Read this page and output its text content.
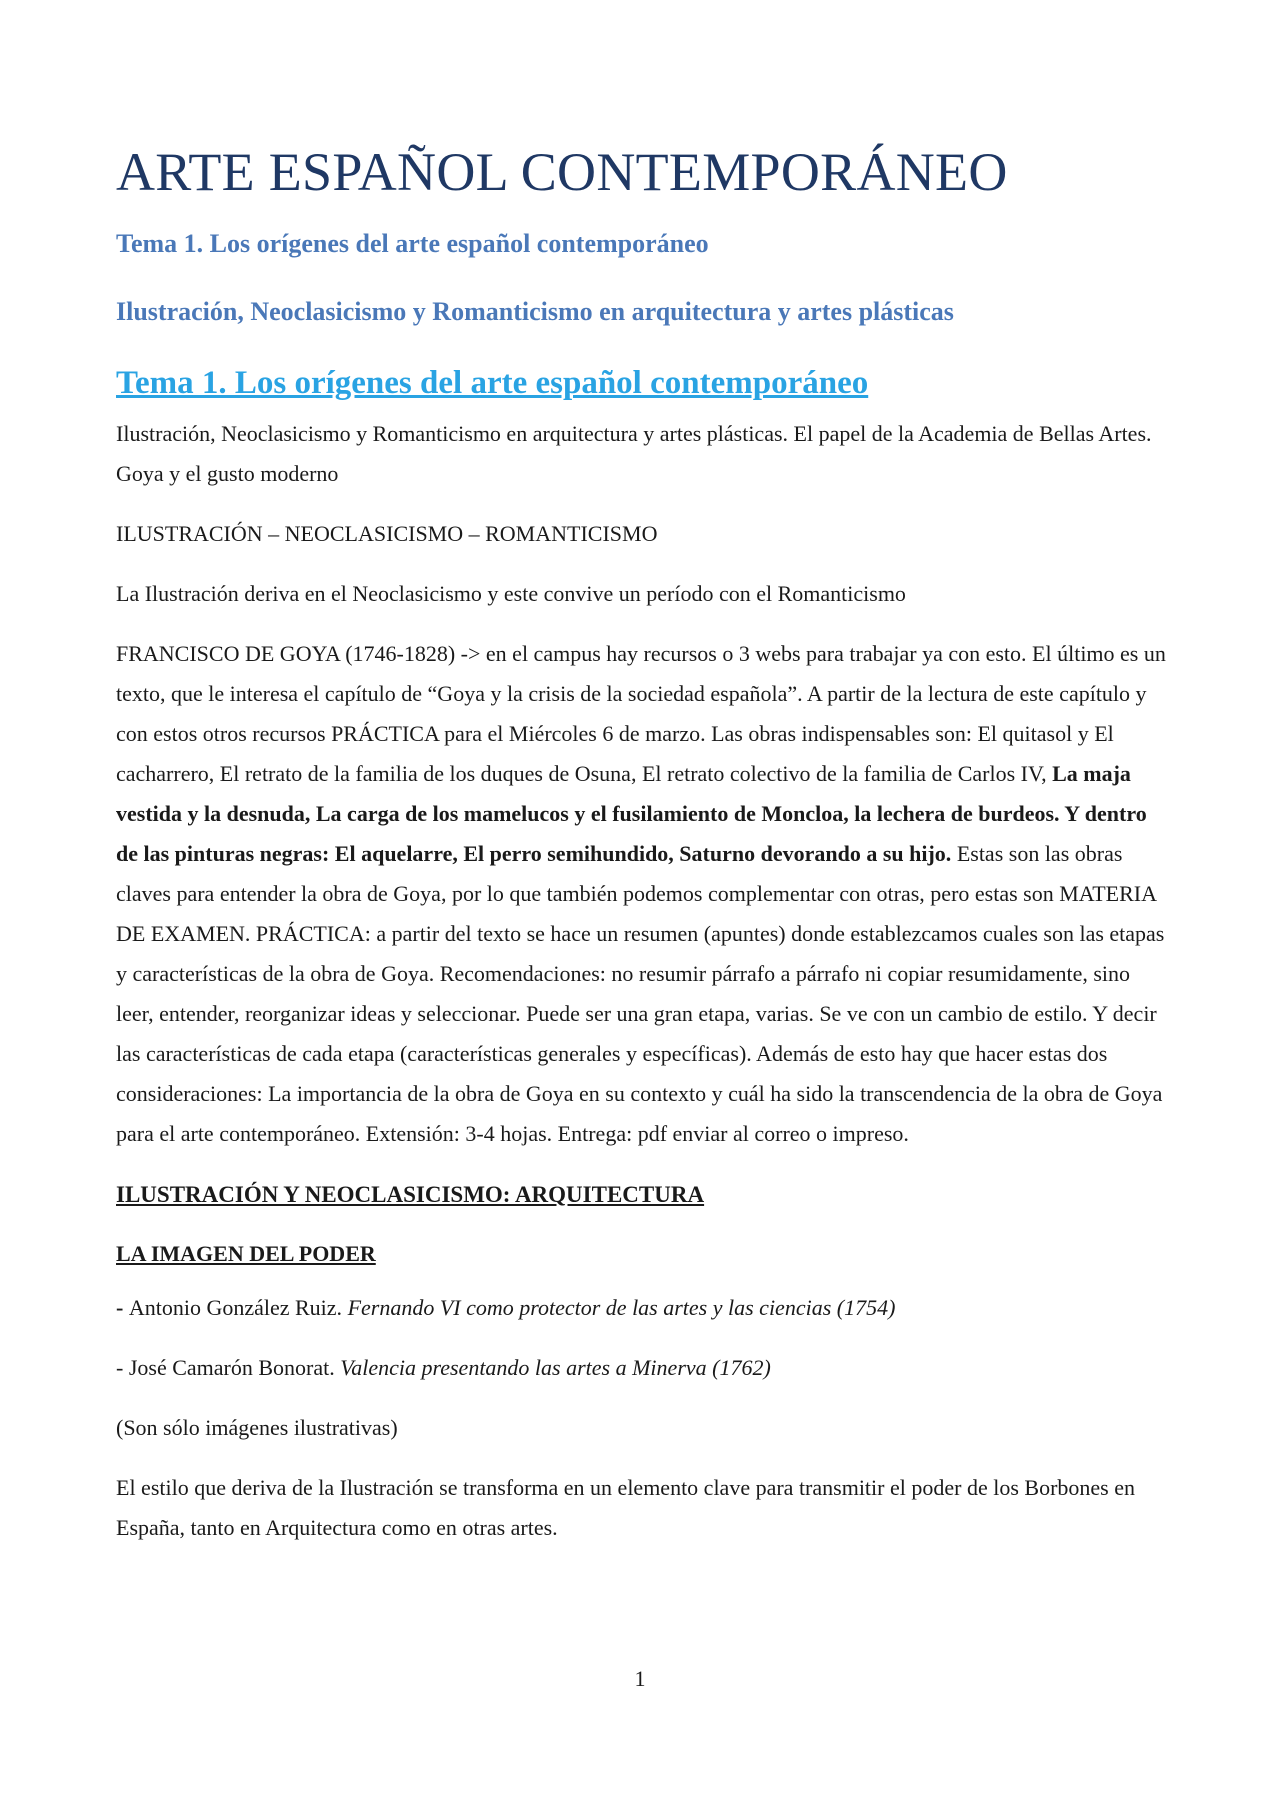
ARTE ESPAÑOL CONTEMPORÁNEO
Tema 1. Los orígenes del arte español contemporáneo
Ilustración, Neoclasicismo y Romanticismo en arquitectura y artes plásticas
Tema 1. Los orígenes del arte español contemporáneo

Ilustración, Neoclasicismo y Romanticismo en arquitectura y artes plásticas. El papel de la Academia de Bellas Artes. Goya y el gusto moderno

ILUSTRACIÓN – NEOCLASICISMO – ROMANTICISMO

La Ilustración deriva en el Neoclasicismo y este convive un período con el Romanticismo

FRANCISCO DE GOYA (1746-1828) -> en el campus hay recursos o 3 webs para trabajar ya con esto. El último es un texto, que le interesa el capítulo de “Goya y la crisis de la sociedad española”. A partir de la lectura de este capítulo y con estos otros recursos PRÁCTICA para el Miércoles 6 de marzo. Las obras indispensables son: El quitasol y El cacharrero, El retrato de la familia de los duques de Osuna, El retrato colectivo de la familia de Carlos IV, La maja vestida y la desnuda, La carga de los mamelucos y el fusilamiento de Moncloa, la lechera de burdeos. Y dentro de las pinturas negras: El aquelarre, El perro semihundido, Saturno devorando a su hijo. Estas son las obras claves para entender la obra de Goya, por lo que también podemos complementar con otras, pero estas son MATERIA DE EXAMEN. PRÁCTICA: a partir del texto se hace un resumen (apuntes) donde establezcamos cuales son las etapas y características de la obra de Goya. Recomendaciones: no resumir párrafo a párrafo ni copiar resumidamente, sino leer, entender, reorganizar ideas y seleccionar. Puede ser una gran etapa, varias. Se ve con un cambio de estilo. Y decir las características de cada etapa (características generales y específicas). Además de esto hay que hacer estas dos consideraciones: La importancia de la obra de Goya en su contexto y cuál ha sido la transcendencia de la obra de Goya para el arte contemporáneo. Extensión: 3-4 hojas. Entrega: pdf enviar al correo o impreso.

ILUSTRACIÓN Y NEOCLASICISMO: ARQUITECTURA
LA IMAGEN DEL PODER

- Antonio González Ruiz. Fernando VI como protector de las artes y las ciencias (1754)

- José Camarón Bonorat. Valencia presentando las artes a Minerva (1762)

(Son sólo imágenes ilustrativas)

El estilo que deriva de la Ilustración se transforma en un elemento clave para transmitir el poder de los Borbones en España, tanto en Arquitectura como en otras artes.

1
